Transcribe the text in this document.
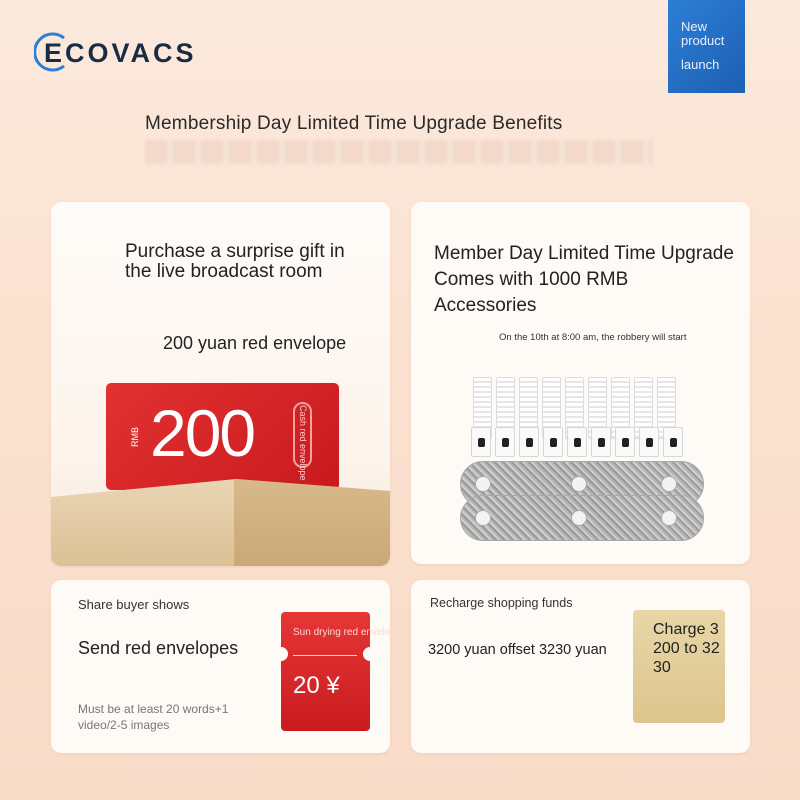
ECOVACS
New
product
launch
Membership Day Limited Time Upgrade Benefits
Purchase a surprise gift in the live broadcast room
200 yuan red envelope
RMB 200	Cash red envelope
Member Day Limited Time Upgrade Comes with 1000 RMB Accessories
On the 10th at 8:00 am, the robbery will start
Share buyer shows
Send red envelopes
Must be at least 20 words+1 video/2-5 images
Sun drying red envelope
20 ¥
Recharge shopping funds
3200 yuan offset 3230 yuan
Charge 3200 to 3230
